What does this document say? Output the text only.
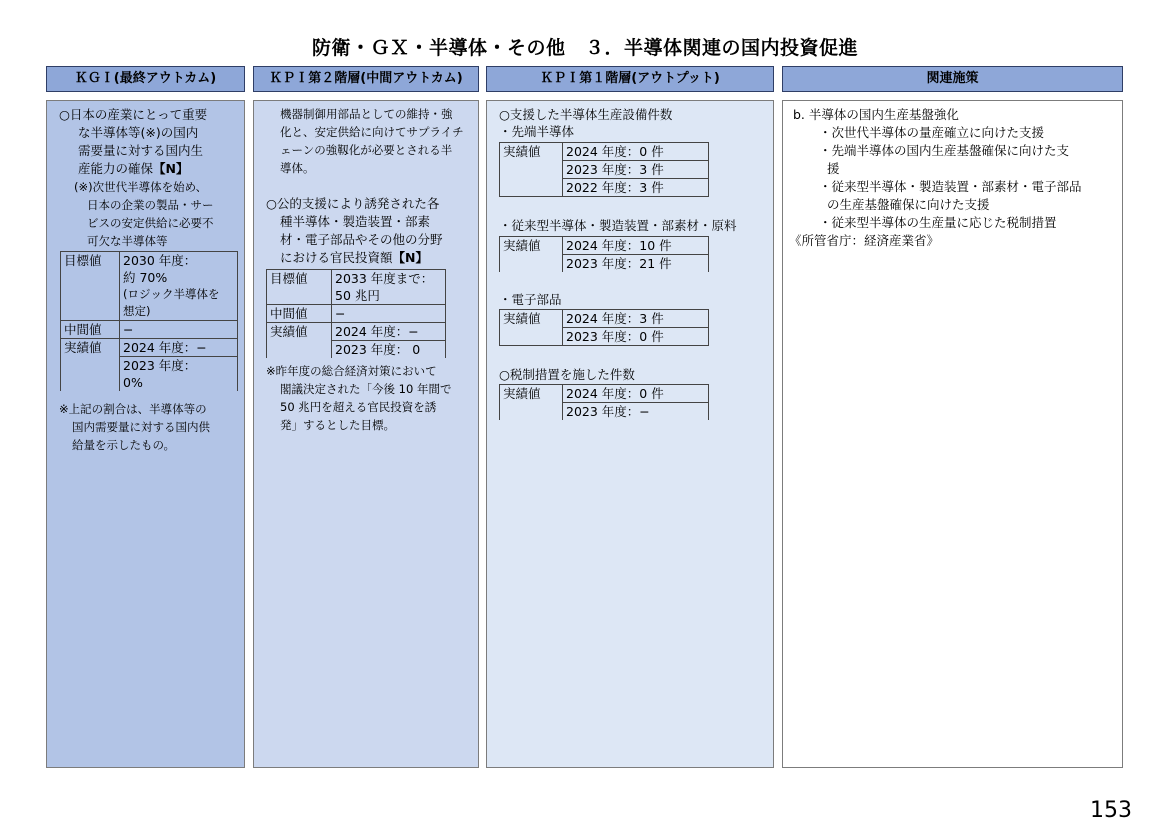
防衛・ＧＸ・半導体・その他　３．半導体関連の国内投資促進
ＫＧＩ(最終アウトカム)	ＫＰＩ第２階層(中間アウトカム)	ＫＰＩ第１階層(アウトプット)	関連施策
○日本の産業にとって重要
な半導体等(※)の国内
需要量に対する国内生
産能力の確保【N】
(※)次世代半導体を始め、
日本の企業の製品・サー
ビスの安定供給に必要不
可欠な半導体等
目標値	2030 年度：
約 70%
(ロジック半導体を
想定)

中間値	−
実績値	2024 年度：−

	2023 年度：
0%
※上記の割合は、半導体等の
国内需要量に対する国内供
給量を示したもの。
機器制御用部品としての維持・強
化と、安定供給に向けてサプライチ
ェーンの強靱化が必要とされる半
導体。
○公的支援により誘発された各
種半導体・製造装置・部素
材・電子部品やその他の分野
における官民投資額【N】
目標値	2033 年度まで：
50 兆円

中間値	−
実績値	2024 年度：−
	2023 年度： 0
※昨年度の総合経済対策において
閣議決定された「今後 10 年間で
50 兆円を超える官民投資を誘
発」するとした目標。
○支援した半導体生産設備件数
・先端半導体
実績値	2024 年度：0 件
	2023 年度：3 件
	2022 年度：3 件
・従来型半導体・製造装置・部素材・原料
実績値	2024 年度：10 件
	2023 年度：21 件
・電子部品
実績値	2024 年度：3 件
	2023 年度：0 件
○税制措置を施した件数
実績値	2024 年度：0 件
	2023 年度：−
b. 半導体の国内生産基盤強化
・次世代半導体の量産確立に向けた支援
・先端半導体の国内生産基盤確保に向けた支
援
・従来型半導体・製造装置・部素材・電子部品
の生産基盤確保に向けた支援
・従来型半導体の生産量に応じた税制措置
《所管省庁：経済産業省》
153
